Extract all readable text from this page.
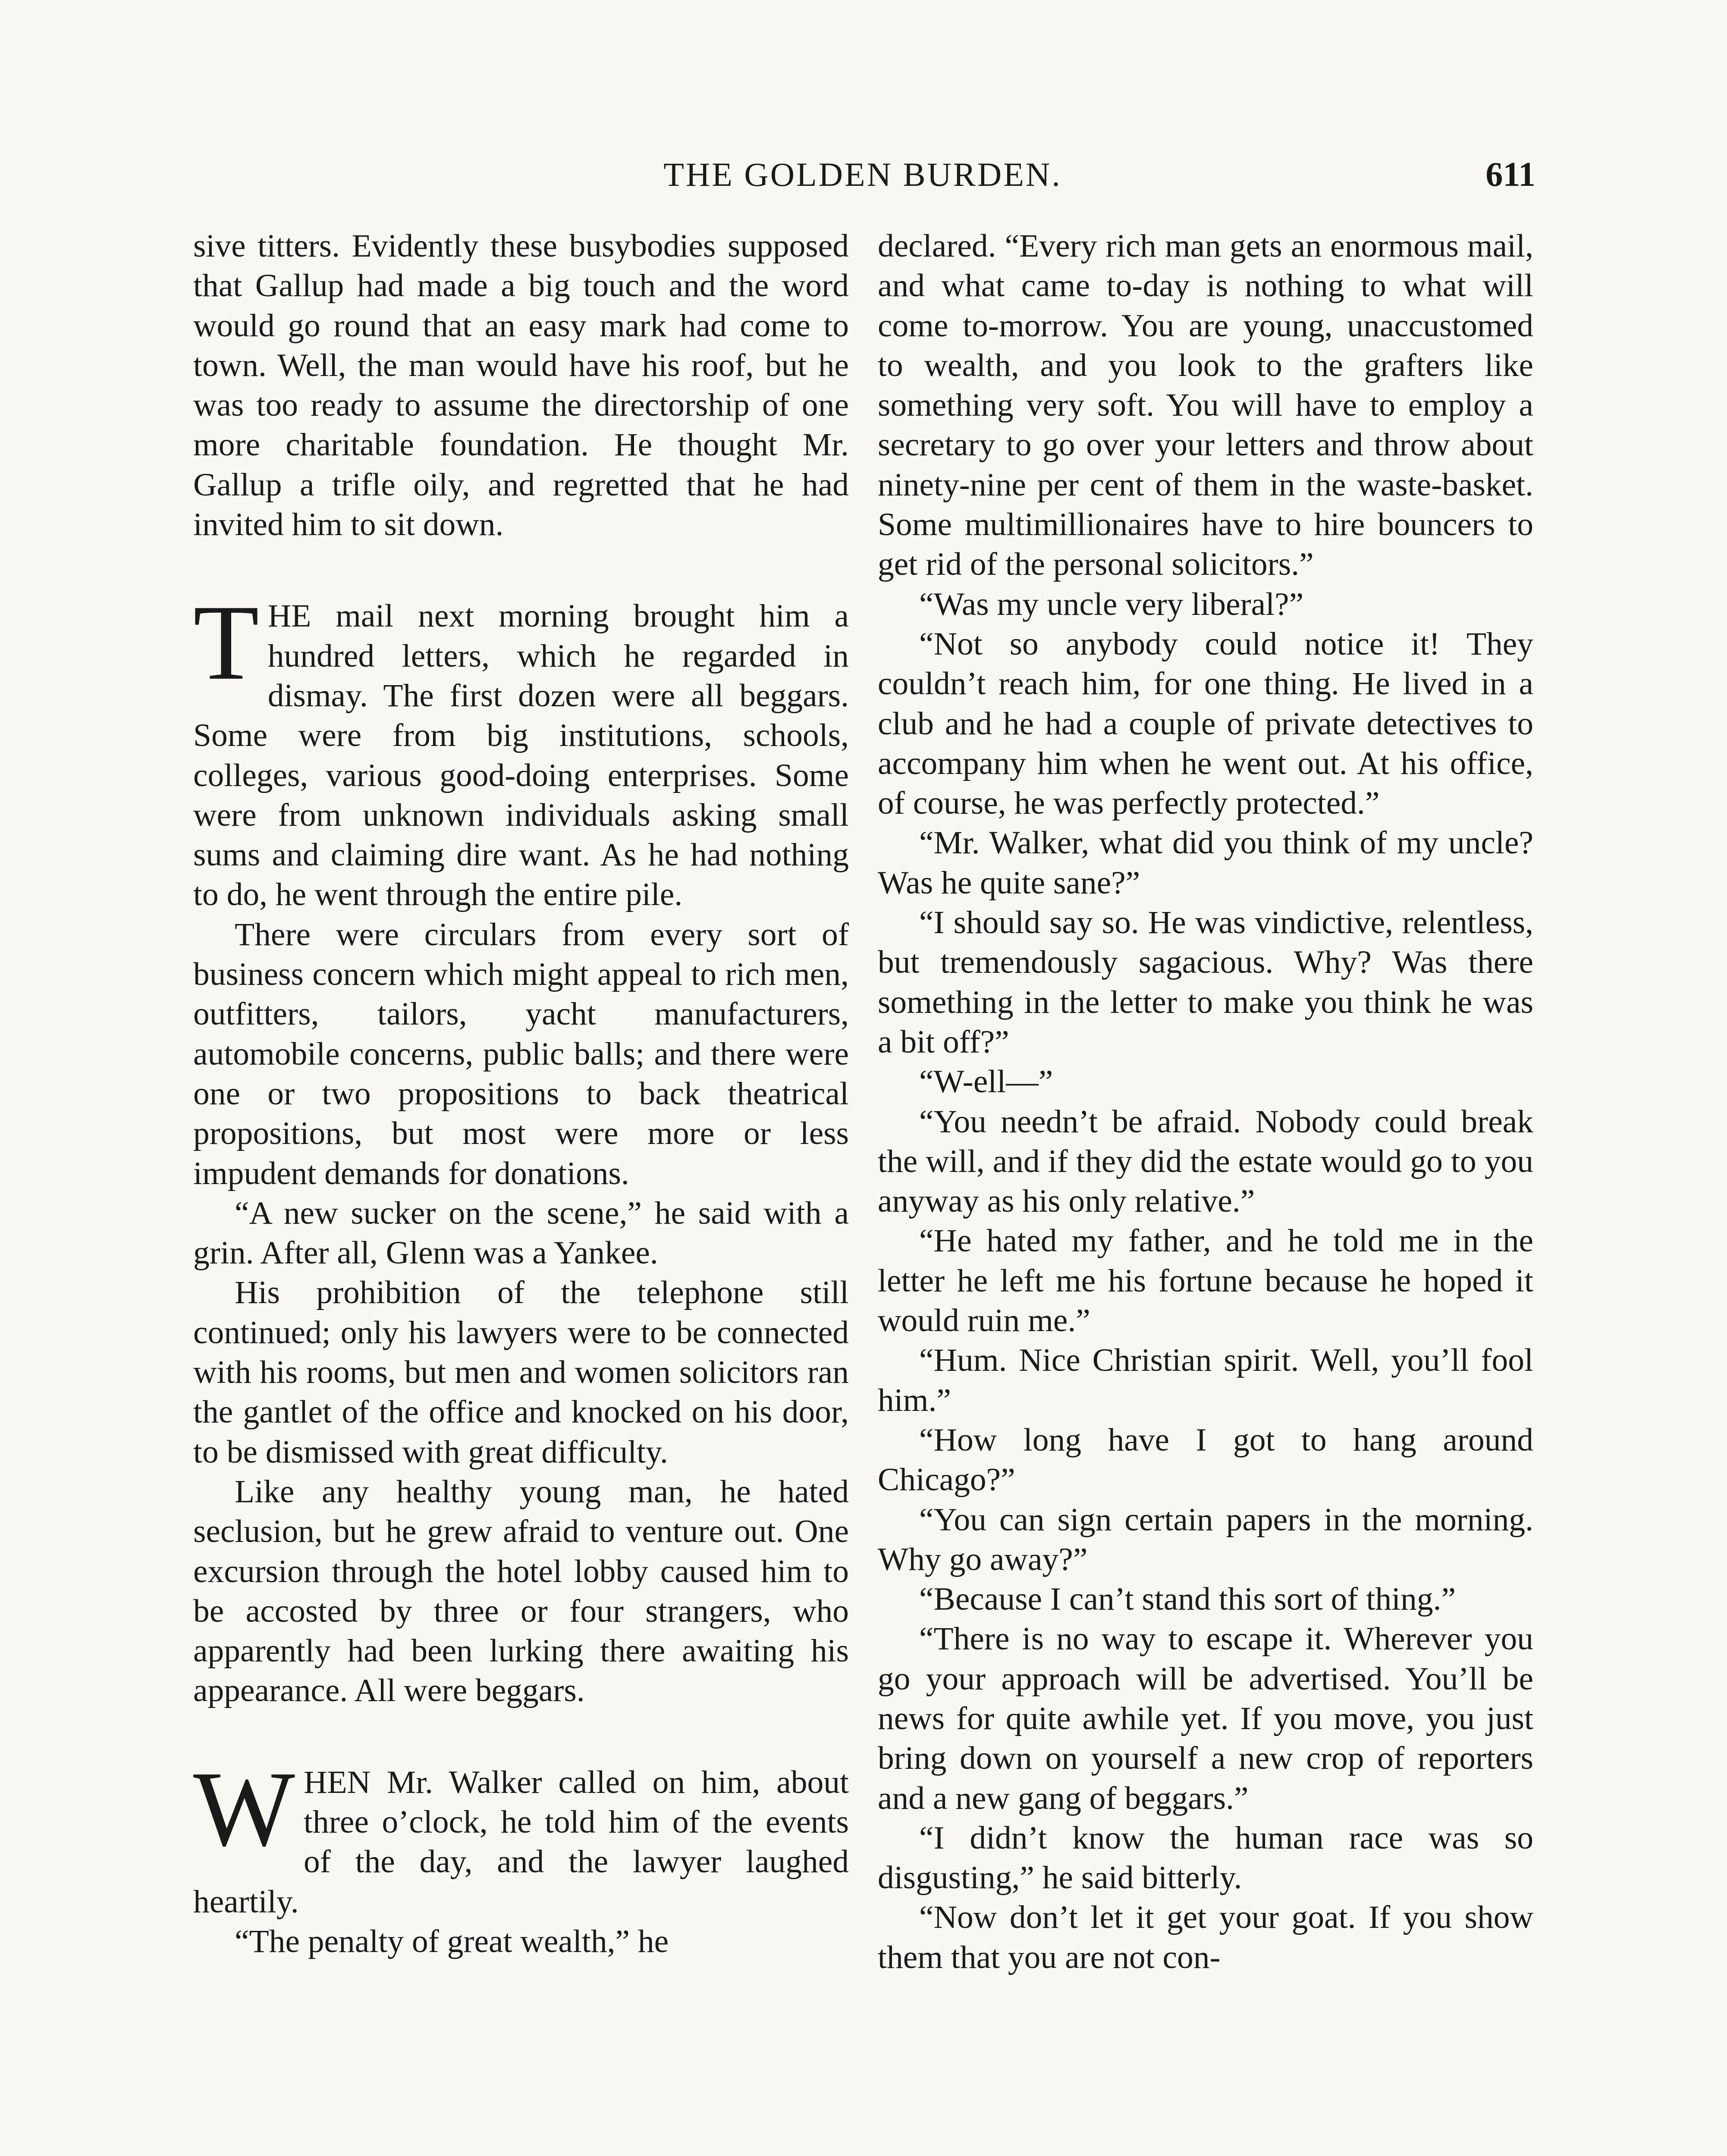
THE GOLDEN BURDEN.	611

sive titters. Evidently these busybodies supposed that Gallup had made a big touch and the word would go round that an easy mark had come to town. Well, the man would have his roof, but he was too ready to assume the directorship of one more charitable foundation. He thought Mr. Gallup a trifle oily, and regretted that he had invited him to sit down.

THE mail next morning brought him a hundred letters, which he regarded in dismay. The first dozen were all beggars. Some were from big institutions, schools, colleges, various good-doing enterprises. Some were from unknown individuals asking small sums and claiming dire want. As he had nothing to do, he went through the entire pile.

There were circulars from every sort of business concern which might appeal to rich men, outfitters, tailors, yacht manufacturers, automobile concerns, public balls; and there were one or two propositions to back theatrical propositions, but most were more or less impudent demands for donations.

“A new sucker on the scene,” he said with a grin. After all, Glenn was a Yankee.

His prohibition of the telephone still continued; only his lawyers were to be connected with his rooms, but men and women solicitors ran the gantlet of the office and knocked on his door, to be dismissed with great difficulty.

Like any healthy young man, he hated seclusion, but he grew afraid to venture out. One excursion through the hotel lobby caused him to be accosted by three or four strangers, who apparently had been lurking there awaiting his appearance. All were beggars.

WHEN Mr. Walker called on him, about three o’clock, he told him of the events of the day, and the lawyer laughed heartily.

“The penalty of great wealth,” he

declared. “Every rich man gets an enormous mail, and what came to-day is nothing to what will come to-morrow. You are young, unaccustomed to wealth, and you look to the grafters like something very soft. You will have to employ a secretary to go over your letters and throw about ninety-nine per cent of them in the waste-basket. Some multimillionaires have to hire bouncers to get rid of the personal solicitors.”

“Was my uncle very liberal?”

“Not so anybody could notice it! They couldn’t reach him, for one thing. He lived in a club and he had a couple of private detectives to accompany him when he went out. At his office, of course, he was perfectly protected.”

“Mr. Walker, what did you think of my uncle? Was he quite sane?”

“I should say so. He was vindictive, relentless, but tremendously sagacious. Why? Was there something in the letter to make you think he was a bit off?”

“W-ell—”

“You needn’t be afraid. Nobody could break the will, and if they did the estate would go to you anyway as his only relative.”

“He hated my father, and he told me in the letter he left me his fortune because he hoped it would ruin me.”

“Hum. Nice Christian spirit. Well, you’ll fool him.”

“How long have I got to hang around Chicago?”

“You can sign certain papers in the morning. Why go away?”

“Because I can’t stand this sort of thing.”

“There is no way to escape it. Wherever you go your approach will be advertised. You’ll be news for quite awhile yet. If you move, you just bring down on yourself a new crop of reporters and a new gang of beggars.”

“I didn’t know the human race was so disgusting,” he said bitterly.

“Now don’t let it get your goat. If you show them that you are not con-
